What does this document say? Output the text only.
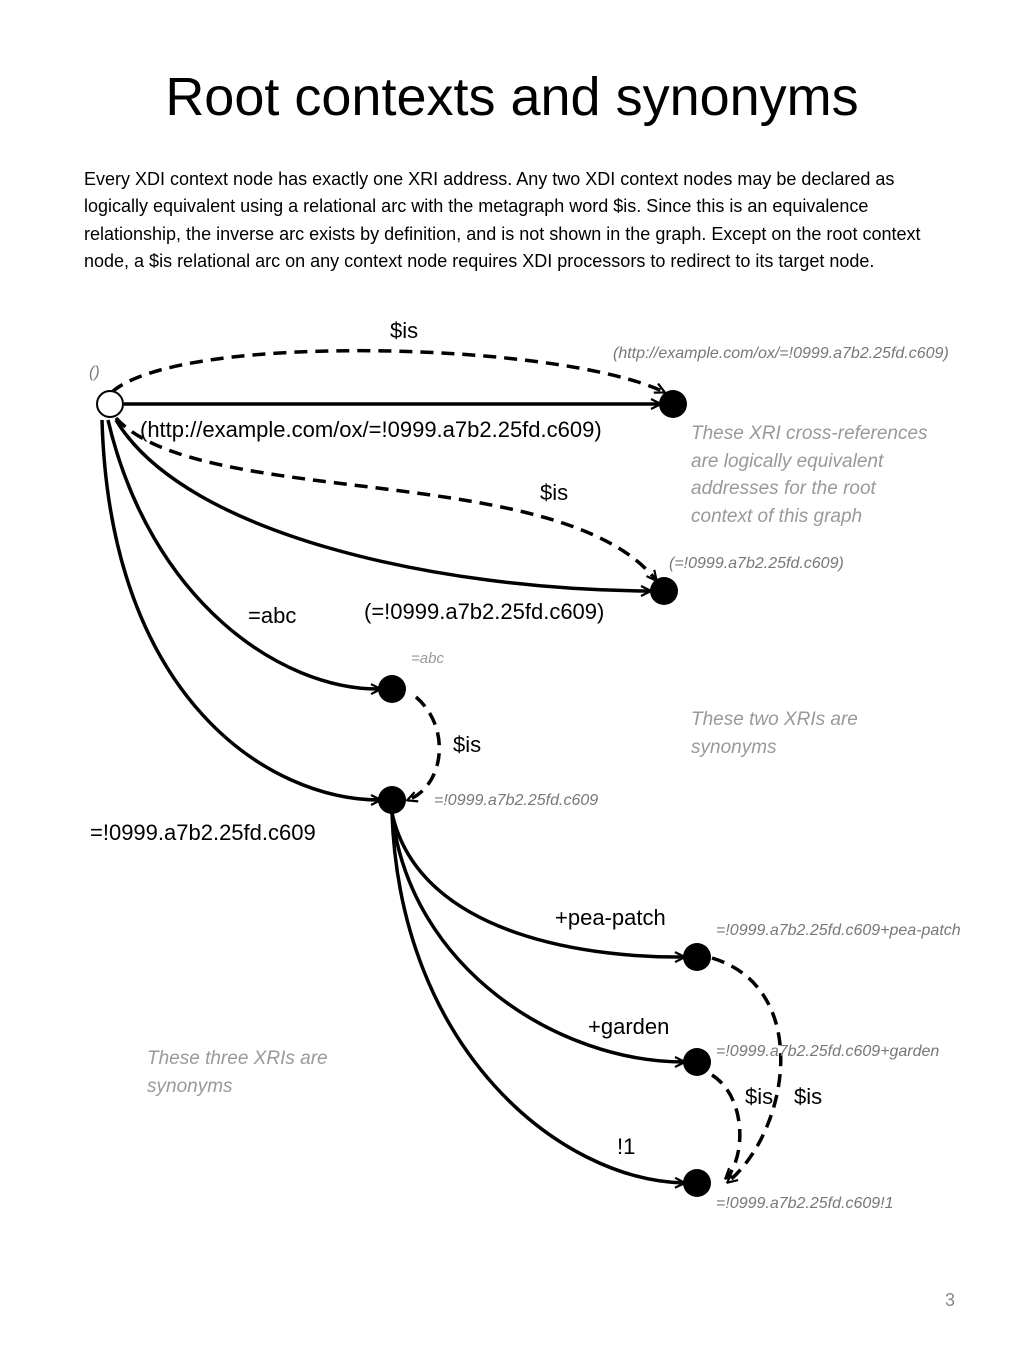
Root contexts and synonyms

Every XDI context node has exactly one XRI address. Any two XDI context nodes may be declared as logically equivalent using a relational arc with the metagraph word $is. Since this is an equivalence relationship, the inverse arc exists by definition, and is not shown in the graph. Except on the root context node, a $is relational arc on any context node requires XDI processors to redirect to its target node.

()
(http://example.com/ox/=!0999.a7b2.25fd.c609)
(=!0999.a7b2.25fd.c609)
=abc
=!0999.a7b2.25fd.c609
=!0999.a7b2.25fd.c609+pea-patch
=!0999.a7b2.25fd.c609+garden
=!0999.a7b2.25fd.c609!1
$is
(http://example.com/ox/=!0999.a7b2.25fd.c609)
$is
(=!0999.a7b2.25fd.c609)
=abc
$is
=!0999.a7b2.25fd.c609
+pea-patch
+garden
$is $is
!1

These XRI cross-references
are logically equivalent
addresses for the root
context of this graph

These two XRIs are
synonyms

These three XRIs are
synonyms

3
